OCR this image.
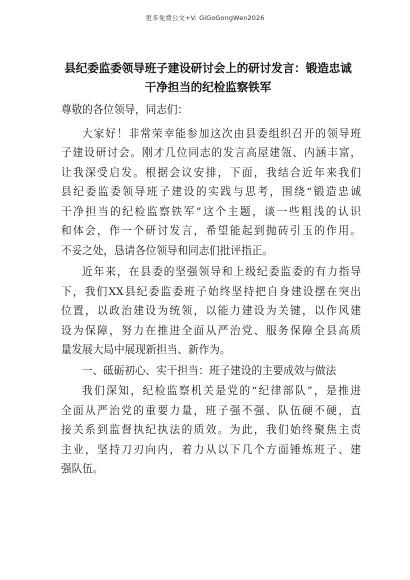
更多免费公文+V: GiGoGongWen2026
县纪委监委领导班子建设研讨会上的研讨发言：锻造忠诚
干净担当的纪检监察铁军

尊敬的各位领导，同志们：

大家好！非常荣幸能参加这次由县委组织召开的领导班
子建设研讨会。刚才几位同志的发言高屋建瓴、内涵丰富，
让我深受启发。根据会议安排，下面，我结合近年来我们
县纪委监委领导班子建设的实践与思考，围绕“锻造忠诚
干净担当的纪检监察铁军”这个主题，谈一些粗浅的认识
和体会，作一个研讨发言，希望能起到抛砖引玉的作用。
不妥之处，恳请各位领导和同志们批评指正。

近年来，在县委的坚强领导和上级纪委监委的有力指导
下，我们XX县纪委监委班子始终坚持把自身建设摆在突出
位置，以政治建设为统领，以能力建设为关键，以作风建
设为保障，努力在推进全面从严治党、服务保障全县高质
量发展大局中展现新担当、新作为。

一、砥砺初心、实干担当：班子建设的主要成效与做法

我们深知，纪检监察机关是党的“纪律部队”，是推进
全面从严治党的重要力量，班子强不强、队伍硬不硬，直
接关系到监督执纪执法的质效。为此，我们始终聚焦主责
主业，坚持刀刃向内，着力从以下几个方面锤炼班子、建
强队伍。
